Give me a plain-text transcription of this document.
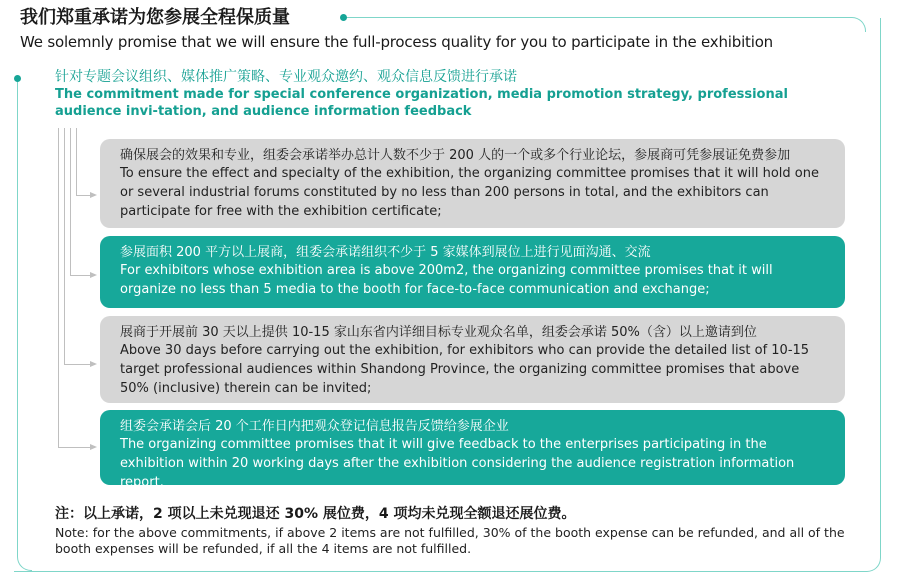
我们郑重承诺为您参展全程保质量
We solemnly promise that we will ensure the full-process quality for you to participate in the exhibition
针对专题会议组织、媒体推广策略、专业观众邀约、观众信息反馈进行承诺
The commitment made for special conference organization, media promotion strategy, professional audience invi-tation, and audience information feedback
确保展会的效果和专业，组委会承诺举办总计人数不少于 200 人的一个或多个行业论坛，参展商可凭参展证免费参加
To ensure the effect and specialty of the exhibition, the organizing committee promises that it will hold one or several industrial forums constituted by no less than 200 persons in total, and the exhibitors can participate for free with the exhibition certificate;
参展面积 200 平方以上展商，组委会承诺组织不少于 5 家媒体到展位上进行见面沟通、交流
For exhibitors whose exhibition area is above 200m2, the organizing committee promises that it will organize no less than 5 media to the booth for face-to-face communication and exchange;
展商于开展前 30 天以上提供 10-15 家山东省内详细目标专业观众名单，组委会承诺 50%（含）以上邀请到位
Above 30 days before carrying out the exhibition, for exhibitors who can provide the detailed list of 10-15 target professional audiences within Shandong Province, the organizing committee promises that above 50% (inclusive) therein can be invited;
组委会承诺会后 20 个工作日内把观众登记信息报告反馈给参展企业
The organizing committee promises that it will give feedback to the enterprises participating in the exhibition within 20 working days after the exhibition considering the audience registration information report.
注：以上承诺，2 项以上未兑现退还 30% 展位费，4 项均未兑现全额退还展位费。
Note: for the above commitments, if above 2 items are not fulfilled, 30% of the booth expense can be refunded, and all of the booth expenses will be refunded, if all the 4 items are not fulfilled.
